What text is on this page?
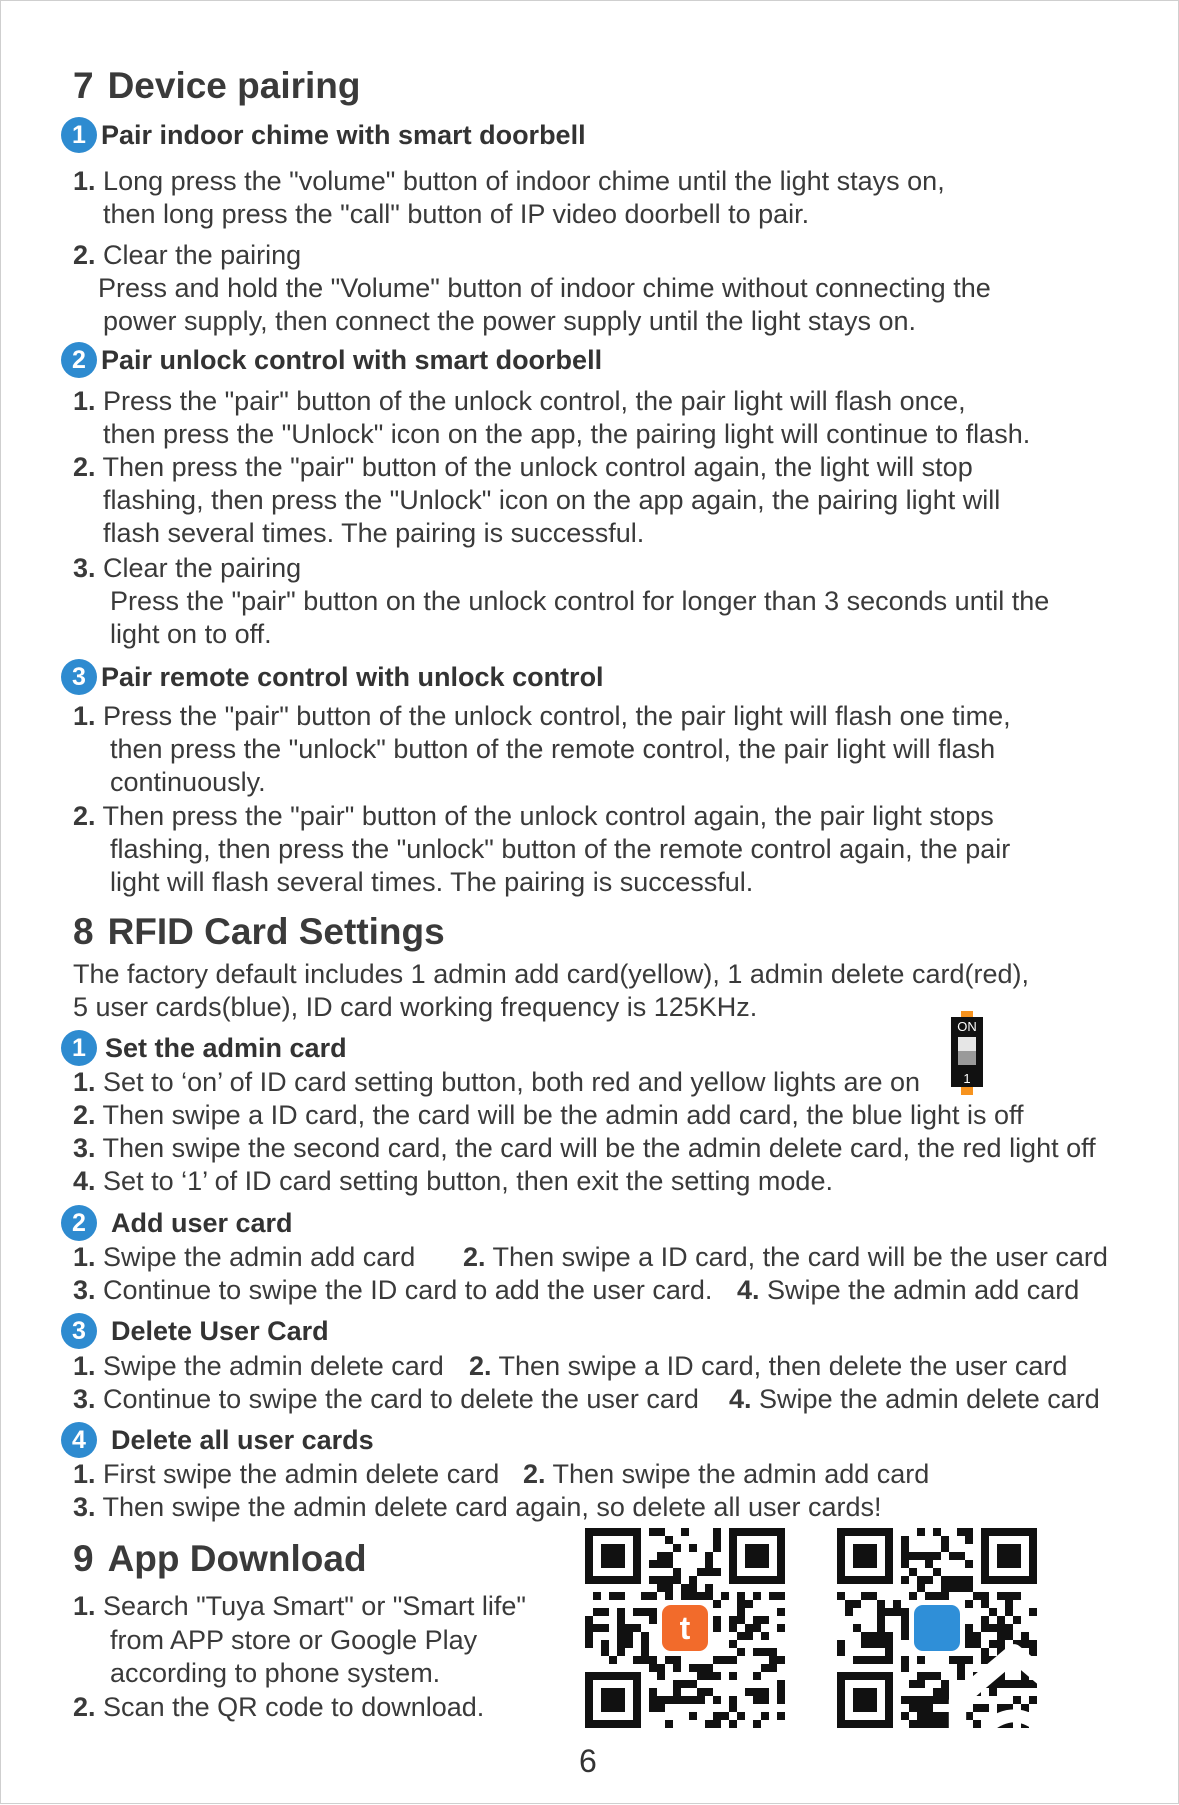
7 Device pairing
1 Pair indoor chime with smart doorbell
1. Long press the "volume" button of indoor chime until the light stays on,
then long press the "call" button of IP video doorbell to pair.
2. Clear the pairing
Press and hold the "Volume" button of indoor chime without connecting the
power supply, then connect the power supply until the light stays on.
2 Pair unlock control with smart doorbell
1. Press the "pair" button of the unlock control, the pair light will flash once,
then press the "Unlock" icon on the app, the pairing light will continue to flash.
2. Then press the "pair" button of the unlock control again, the light will stop
flashing, then press the "Unlock" icon on the app again, the pairing light will
flash several times. The pairing is successful.
3. Clear the pairing
Press the "pair" button on the unlock control for longer than 3 seconds until the
light on to off.
3 Pair remote control with unlock control
1. Press the "pair" button of the unlock control, the pair light will flash one time,
then press the "unlock" button of the remote control, the pair light will flash
continuously.
2. Then press the "pair" button of the unlock control again, the pair light stops
flashing, then press the "unlock" button of the remote control again, the pair
light will flash several times. The pairing is successful.
8 RFID Card Settings
The factory default includes 1 admin add card(yellow), 1 admin delete card(red),
5 user cards(blue), ID card working frequency is 125KHz.
ON
1
1 Set the admin card
1. Set to ‘on’ of ID card setting button, both red and yellow lights are on
2. Then swipe a ID card, the card will be the admin add card, the blue light is off
3. Then swipe the second card, the card will be the admin delete card, the red light off
4. Set to ‘1’ of ID card setting button, then exit the setting mode.
2 Add user card
1. Swipe the admin add card 2. Then swipe a ID card, the card will be the user card
3. Continue to swipe the ID card to add the user card. 4. Swipe the admin add card
3 Delete User Card
1. Swipe the admin delete card 2. Then swipe a ID card, then delete the user card
3. Continue to swipe the card to delete the user card 4. Swipe the admin delete card
4 Delete all user cards
1. First swipe the admin delete card 2. Then swipe the admin add card
3. Then swipe the admin delete card again, so delete all user cards!
9 App Download
1. Search "Tuya Smart" or "Smart life"
from APP store or Google Play
according to phone system.
2. Scan the QR code to download.
t
6
